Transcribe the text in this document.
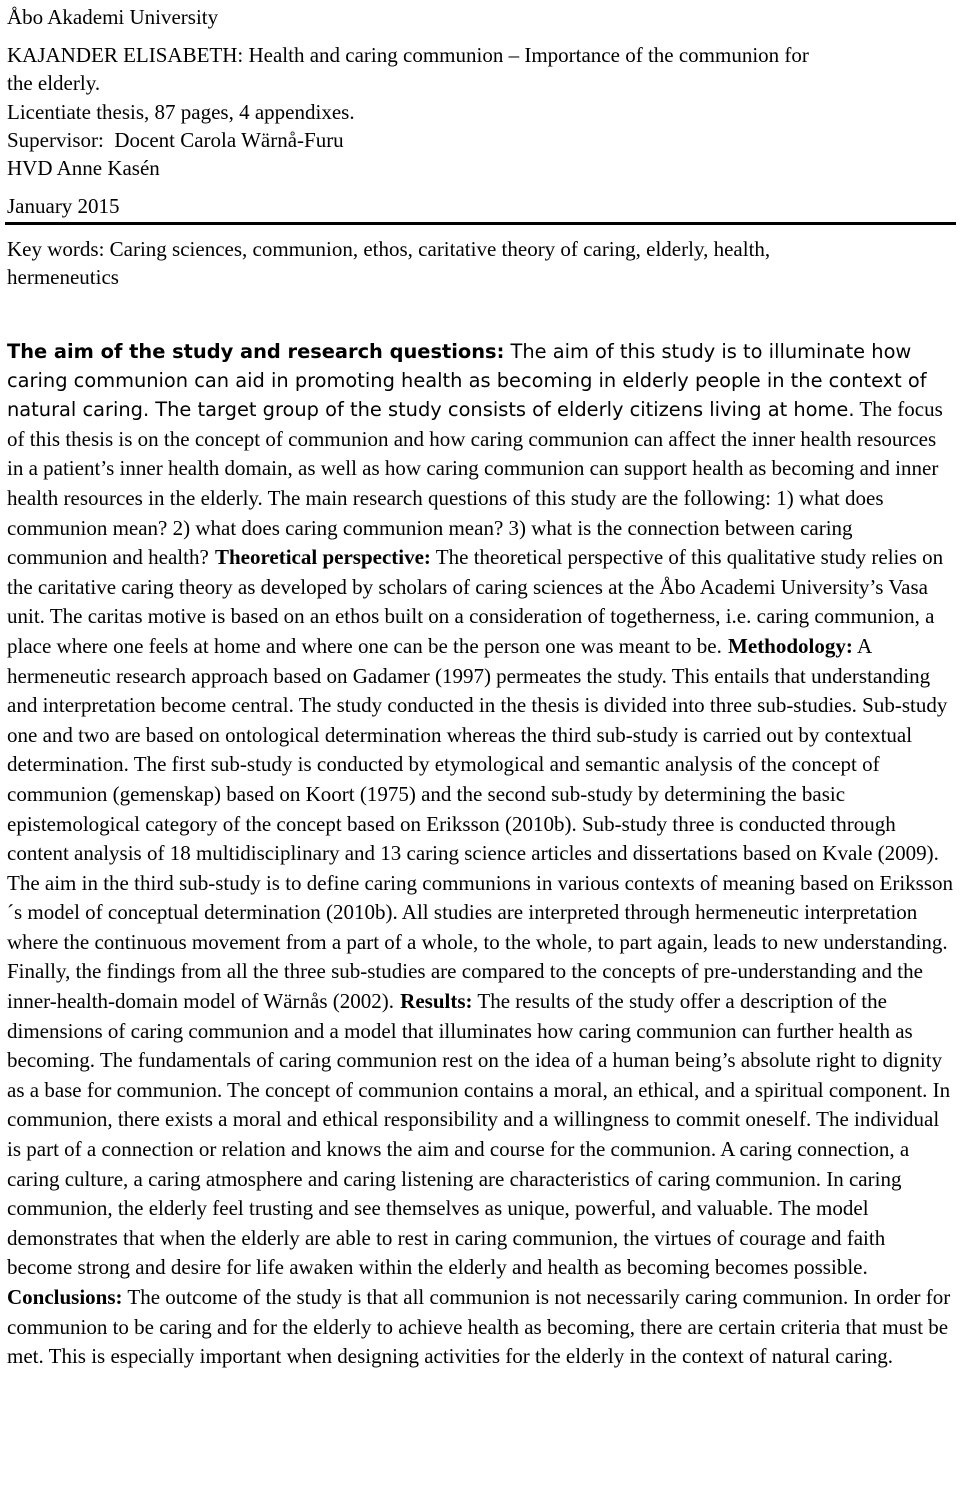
Åbo Akademi University
KAJANDER ELISABETH: Health and caring communion – Importance of the communion for
the elderly.
Licentiate thesis, 87 pages, 4 appendixes.
Supervisor:  Docent Carola Wärnå-Furu
HVD Anne Kasén
January 2015
Key words: Caring sciences, communion, ethos, caritative theory of caring, elderly, health,
hermeneutics
The aim of the study and research questions: The aim of this study is to illuminate how caring communion can aid in promoting health as becoming in elderly people in the context of natural caring. The target group of the study consists of elderly citizens living at home. The focus of this thesis is on the concept of communion and how caring communion can affect the inner health resources in a patient’s inner health domain, as well as how caring communion can support health as becoming and inner health resources in the elderly. The main research questions of this study are the following: 1) what does communion mean? 2) what does caring communion mean? 3) what is the connection between caring communion and health? Theoretical perspective: The theoretical perspective of this qualitative study relies on the caritative caring theory as developed by scholars of caring sciences at the Åbo Academi University’s Vasa unit. The caritas motive is based on an ethos built on a consideration of togetherness, i.e. caring communion, a place where one feels at home and where one can be the person one was meant to be. Methodology: A hermeneutic research approach based on Gadamer (1997) permeates the study. This entails that understanding and interpretation become central. The study conducted in the thesis is divided into three sub-studies. Sub-study one and two are based on ontological determination whereas the third sub-study is carried out by contextual determination. The first sub-study is conducted by etymological and semantic analysis of the concept of communion (gemenskap) based on Koort (1975) and the second sub-study by determining the basic epistemological category of the concept based on Eriksson (2010b). Sub-study three is conducted through content analysis of 18 multidisciplinary and 13 caring science articles and dissertations based on Kvale (2009). The aim in the third sub-study is to define caring communions in various contexts of meaning based on Eriksson´s model of conceptual determination (2010b). All studies are interpreted through hermeneutic interpretation where the continuous movement from a part of a whole, to the whole, to part again, leads to new understanding. Finally, the findings from all the three sub-studies are compared to the concepts of pre-understanding and the inner-health-domain model of Wärnås (2002). Results: The results of the study offer a description of the dimensions of caring communion and a model that illuminates how caring communion can further health as becoming. The fundamentals of caring communion rest on the idea of a human being’s absolute right to dignity as a base for communion. The concept of communion contains a moral, an ethical, and a spiritual component. In communion, there exists a moral and ethical responsibility and a willingness to commit oneself. The individual is part of a connection or relation and knows the aim and course for the communion. A caring connection, a caring culture, a caring atmosphere and caring listening are characteristics of caring communion. In caring communion, the elderly feel trusting and see themselves as unique, powerful, and valuable. The model demonstrates that when the elderly are able to rest in caring communion, the virtues of courage and faith become strong and desire for life awaken within the elderly and health as becoming becomes possible. Conclusions: The outcome of the study is that all communion is not necessarily caring communion. In order for communion to be caring and for the elderly to achieve health as becoming, there are certain criteria that must be met. This is especially important when designing activities for the elderly in the context of natural caring.
